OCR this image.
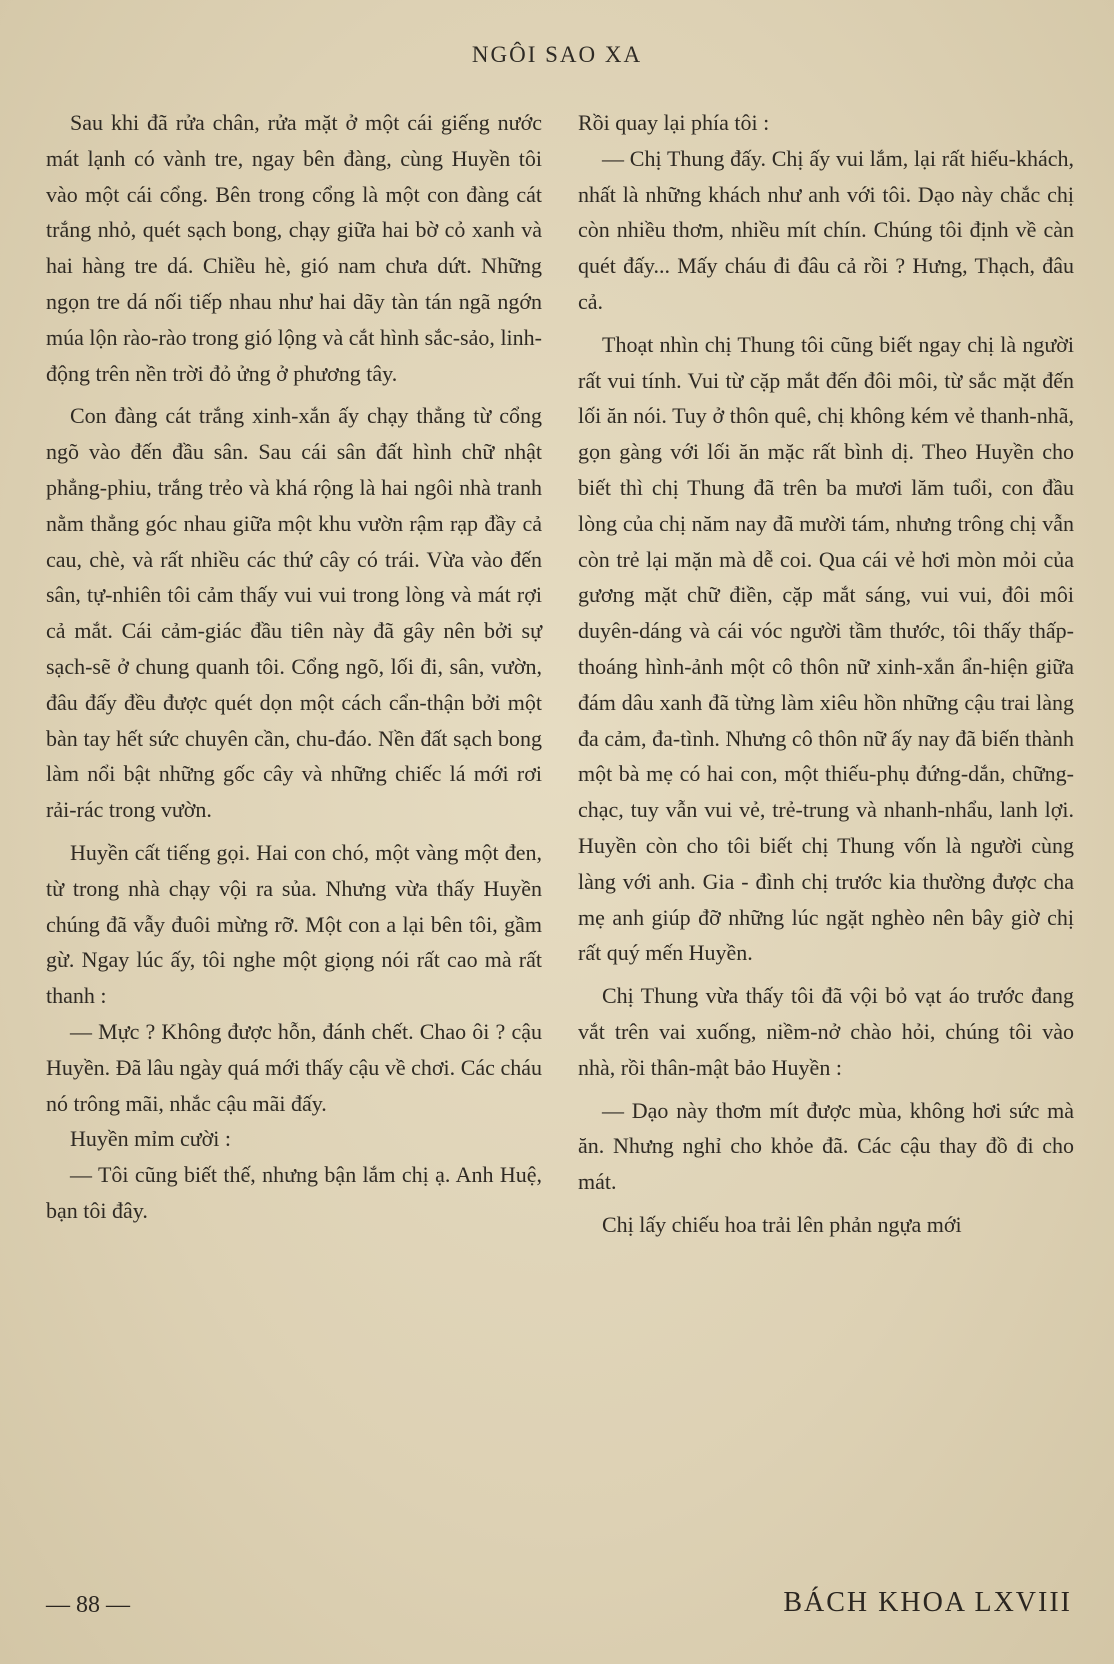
NGÔI SAO XA

Sau khi đã rửa chân, rửa mặt ở một cái giếng nước mát lạnh có vành tre, ngay bên đàng, cùng Huyền tôi vào một cái cổng. Bên trong cổng là một con đàng cát trắng nhỏ, quét sạch bong, chạy giữa hai bờ cỏ xanh và hai hàng tre dá. Chiều hè, gió nam chưa dứt. Những ngọn tre dá nối tiếp nhau như hai dãy tàn tán ngã ngớn múa lộn rào-rào trong gió lộng và cắt hình sắc-sảo, linh-động trên nền trời đỏ ửng ở phương tây.

Con đàng cát trắng xinh-xắn ấy chạy thẳng từ cổng ngõ vào đến đầu sân. Sau cái sân đất hình chữ nhật phẳng-phiu, trắng trẻo và khá rộng là hai ngôi nhà tranh nằm thẳng góc nhau giữa một khu vườn rậm rạp đầy cả cau, chè, và rất nhiều các thứ cây có trái. Vừa vào đến sân, tự-nhiên tôi cảm thấy vui vui trong lòng và mát rợi cả mắt. Cái cảm-giác đầu tiên này đã gây nên bởi sự sạch-sẽ ở chung quanh tôi. Cổng ngõ, lối đi, sân, vườn, đâu đấy đều được quét dọn một cách cẩn-thận bởi một bàn tay hết sức chuyên cần, chu-đáo. Nền đất sạch bong làm nổi bật những gốc cây và những chiếc lá mới rơi rải-rác trong vườn.

Huyền cất tiếng gọi. Hai con chó, một vàng một đen, từ trong nhà chạy vội ra sủa. Nhưng vừa thấy Huyền chúng đã vẫy đuôi mừng rỡ. Một con a lại bên tôi, gầm gừ. Ngay lúc ấy, tôi nghe một giọng nói rất cao mà rất thanh :

— Mực ? Không được hỗn, đánh chết. Chao ôi ? cậu Huyền. Đã lâu ngày quá mới thấy cậu về chơi. Các cháu nó trông mãi, nhắc cậu mãi đấy.

Huyền mỉm cười :

— Tôi cũng biết thế, nhưng bận lắm chị ạ. Anh Huệ, bạn tôi đây.

Rồi quay lại phía tôi :

— Chị Thung đấy. Chị ấy vui lắm, lại rất hiếu-khách, nhất là những khách như anh với tôi. Dạo này chắc chị còn nhiều thơm, nhiều mít chín. Chúng tôi định về càn quét đấy... Mấy cháu đi đâu cả rồi ? Hưng, Thạch, đâu cả.

Thoạt nhìn chị Thung tôi cũng biết ngay chị là người rất vui tính. Vui từ cặp mắt đến đôi môi, từ sắc mặt đến lối ăn nói. Tuy ở thôn quê, chị không kém vẻ thanh-nhã, gọn gàng với lối ăn mặc rất bình dị. Theo Huyền cho biết thì chị Thung đã trên ba mươi lăm tuổi, con đầu lòng của chị năm nay đã mười tám, nhưng trông chị vẫn còn trẻ lại mặn mà dễ coi. Qua cái vẻ hơi mòn mỏi của gương mặt chữ điền, cặp mắt sáng, vui vui, đôi môi duyên-dáng và cái vóc người tầm thước, tôi thấy thấp-thoáng hình-ảnh một cô thôn nữ xinh-xắn ẩn-hiện giữa đám dâu xanh đã từng làm xiêu hồn những cậu trai làng đa cảm, đa-tình. Nhưng cô thôn nữ ấy nay đã biến thành một bà mẹ có hai con, một thiếu-phụ đứng-dắn, chững-chạc, tuy vẫn vui vẻ, trẻ-trung và nhanh-nhẩu, lanh lợi. Huyền còn cho tôi biết chị Thung vốn là người cùng làng với anh. Gia - đình chị trước kia thường được cha mẹ anh giúp đỡ những lúc ngặt nghèo nên bây giờ chị rất quý mến Huyền.

Chị Thung vừa thấy tôi đã vội bỏ vạt áo trước đang vắt trên vai xuống, niềm-nở chào hỏi, chúng tôi vào nhà, rồi thân-mật bảo Huyền :

— Dạo này thơm mít được mùa, không hơi sức mà ăn. Nhưng nghỉ cho khỏe đã. Các cậu thay đồ đi cho mát.

Chị lấy chiếu hoa trải lên phản ngựa mới

— 88 —	BÁCH KHOA LXVIII
